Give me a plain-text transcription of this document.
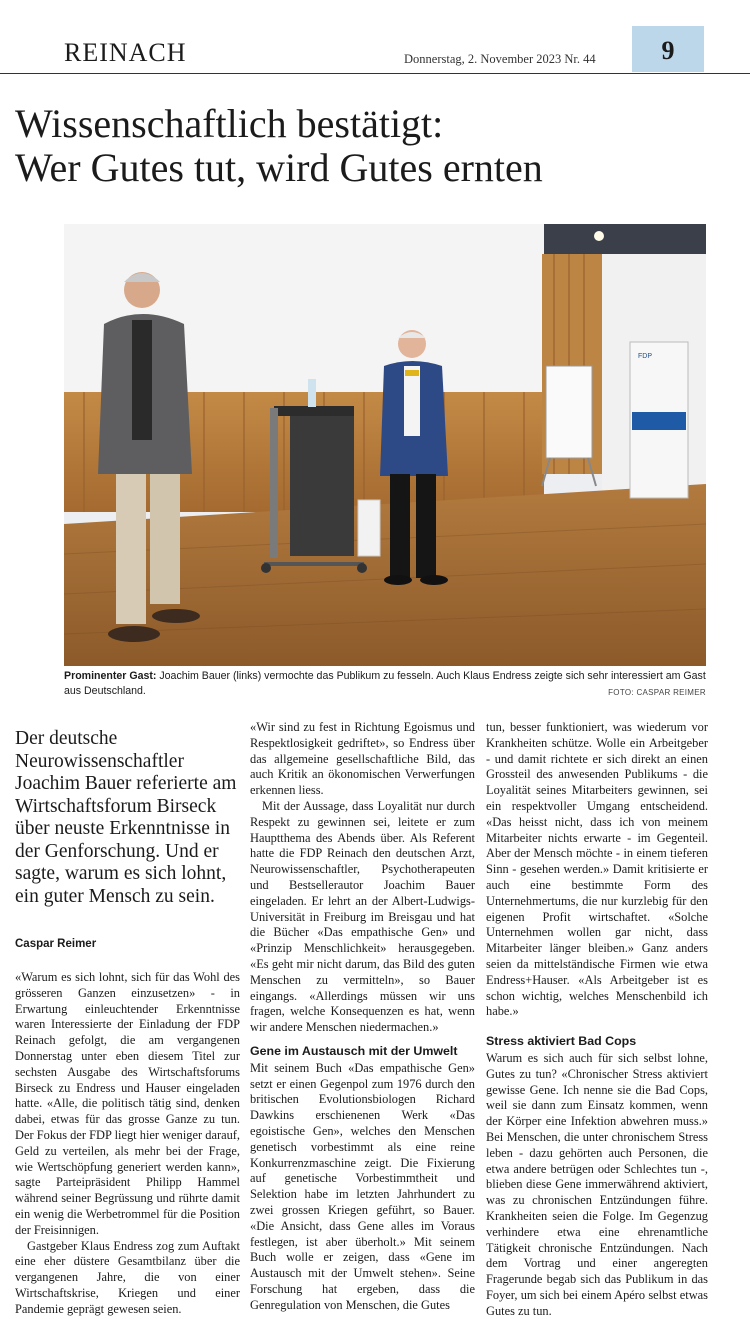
REINACH	Donnerstag, 2. November 2023 Nr. 44	9
Wissenschaftlich bestätigt:
Wer Gutes tut, wird Gutes ernten
FDP
Prominenter Gast: Joachim Bauer (links) vermochte das Publikum zu fesseln. Auch Klaus Endress zeigte sich sehr interessiert am Gast aus Deutschland.	FOTO: CASPAR REIMER
Der deutsche Neurowissenschaftler Joachim Bauer referierte am Wirtschaftsforum Birseck über neuste Erkenntnisse in der Genforschung. Und er sagte, warum es sich lohnt, ein guter Mensch zu sein.
Caspar Reimer

«Warum es sich lohnt, sich für das Wohl des grösseren Ganzen einzusetzen» - in Erwartung einleuchtender Erkenntnisse waren Interessierte der Einladung der FDP Reinach gefolgt, die am vergangenen Donnerstag unter eben diesem Titel zur sechsten Ausgabe des Wirtschaftsforums Birseck zu Endress und Hauser eingeladen hatte. «Alle, die politisch tätig sind, denken dabei, etwas für das grosse Ganze zu tun. Der Fokus der FDP liegt hier weniger darauf, Geld zu verteilen, als mehr bei der Frage, wie Wertschöpfung generiert werden kann», sagte Parteipräsident Philipp Hammel während seiner Begrüssung und rührte damit ein wenig die Werbetrommel für die Position der Freisinnigen.

Gastgeber Klaus Endress zog zum Auftakt eine eher düstere Gesamtbilanz über die vergangenen Jahre, die von einer Wirtschaftskrise, Kriegen und einer Pandemie geprägt gewesen seien.

«Wir sind zu fest in Richtung Egoismus und Respektlosigkeit gedriftet», so Endress über das allgemeine gesellschaftliche Bild, das auch Kritik an ökonomischen Verwerfungen erkennen liess.

Mit der Aussage, dass Loyalität nur durch Respekt zu gewinnen sei, leitete er zum Hauptthema des Abends über. Als Referent hatte die FDP Reinach den deutschen Arzt, Neurowissenschaftler, Psychotherapeuten und Bestsellerautor Joachim Bauer eingeladen. Er lehrt an der Albert-Ludwigs-Universität in Freiburg im Breisgau und hat die Bücher «Das empathische Gen» und «Prinzip Menschlichkeit» herausgegeben. «Es geht mir nicht darum, das Bild des guten Menschen zu vermitteln», so Bauer eingangs. «Allerdings müssen wir uns fragen, welche Konsequenzen es hat, wenn wir andere Menschen niedermachen.»

Gene im Austausch mit der Umwelt

Mit seinem Buch «Das empathische Gen» setzt er einen Gegenpol zum 1976 durch den britischen Evolutionsbiologen Richard Dawkins erschienenen Werk «Das egoistische Gen», welches den Menschen genetisch vorbestimmt als eine reine Konkurrenzmaschine zeigt. Die Fixierung auf genetische Vorbestimmtheit und Selektion habe im letzten Jahrhundert zu zwei grossen Kriegen geführt, so Bauer. «Die Ansicht, dass Gene alles im Voraus festlegen, ist aber überholt.» Mit seinem Buch wolle er zeigen, dass «Gene im Austausch mit der Umwelt stehen». Seine Forschung hat ergeben, dass die Genregulation von Menschen, die Gutes

tun, besser funktioniert, was wiederum vor Krankheiten schütze. Wolle ein Arbeitgeber - und damit richtete er sich direkt an einen Grossteil des anwesenden Publikums - die Loyalität seines Mitarbeiters gewinnen, sei ein respektvoller Umgang entscheidend. «Das heisst nicht, dass ich von meinem Mitarbeiter nichts erwarte - im Gegenteil. Aber der Mensch möchte - in einem tieferen Sinn - gesehen werden.» Damit kritisierte er auch eine bestimmte Form des Unternehmertums, die nur kurzlebig für den eigenen Profit wirtschaftet. «Solche Unternehmen wollen gar nicht, dass Mitarbeiter länger bleiben.» Ganz anders seien da mittelständische Firmen wie etwa Endress+Hauser. «Als Arbeitgeber ist es schon wichtig, welches Menschenbild ich habe.»

Stress aktiviert Bad Cops

Warum es sich auch für sich selbst lohne, Gutes zu tun? «Chronischer Stress aktiviert gewisse Gene. Ich nenne sie die Bad Cops, weil sie dann zum Einsatz kommen, wenn der Körper eine Infektion abwehren muss.» Bei Menschen, die unter chronischem Stress leben - dazu gehörten auch Personen, die etwa andere betrügen oder Schlechtes tun -, blieben diese Gene immerwährend aktiviert, was zu chronischen Entzündungen führe. Krankheiten seien die Folge. Im Gegenzug verhindere etwa eine ehrenamtliche Tätigkeit chronische Entzündungen. Nach dem Vortrag und einer angeregten Fragerunde begab sich das Publikum in das Foyer, um sich bei einem Apéro selbst etwas Gutes zu tun.
